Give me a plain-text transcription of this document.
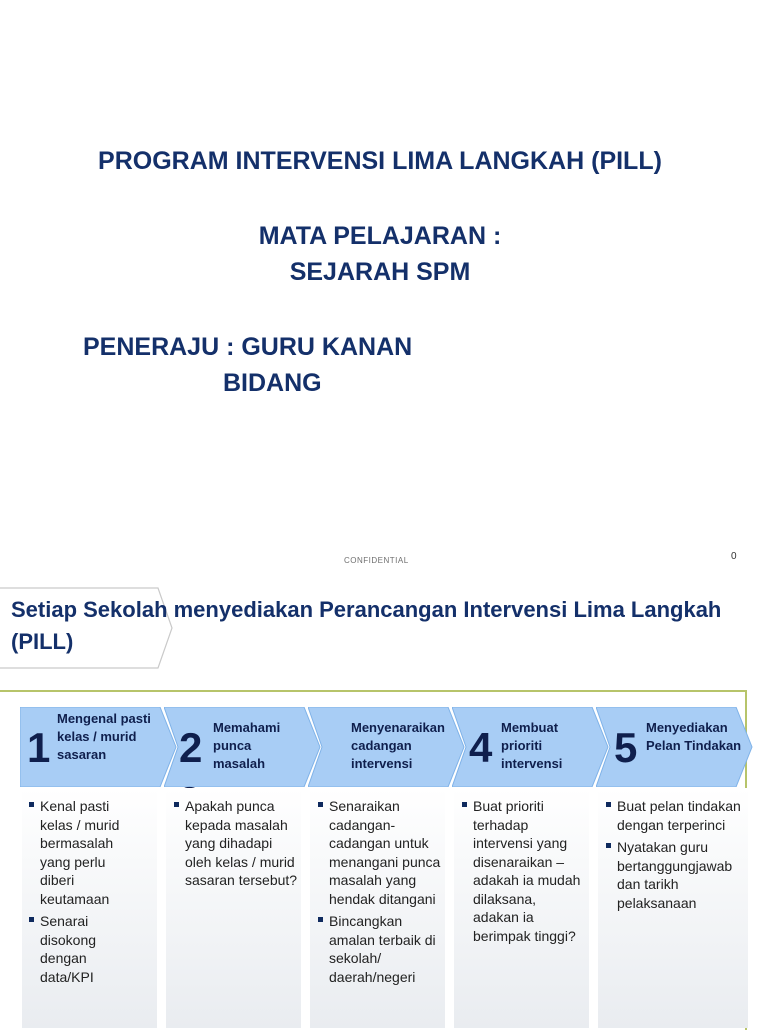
PROGRAM INTERVENSI LIMA LANGKAH (PILL)
MATA PELAJARAN :
SEJARAH SPM
PENERAJU : GURU KANAN
BIDANG
CONFIDENTIAL	0
Setiap Sekolah menyediakan Perancangan Intervensi Lima Langkah (PILL)
1
Mengenal pasti kelas / murid sasaran	2 Memahami punca masalah
Menyenaraikan cadangan intervensi	4 Membuat prioriti intervensi	5 Menyediakan Pelan Tindakan
Kenal pasti kelas / murid bermasalah yang perlu diberi keutamaan
Senarai disokong dengan data/KPI
Apakah punca kepada masalah yang dihadapi oleh kelas / murid sasaran tersebut?
Senaraikan cadangan-cadangan untuk menangani punca masalah yang hendak ditangani
Bincangkan amalan terbaik di sekolah/ daerah/negeri
Buat prioriti terhadap intervensi yang disenaraikan – adakah ia mudah dilaksana, adakan ia berimpak tinggi?
Buat pelan tindakan dengan terperinci
Nyatakan guru bertanggungjawab dan tarikh pelaksanaan
